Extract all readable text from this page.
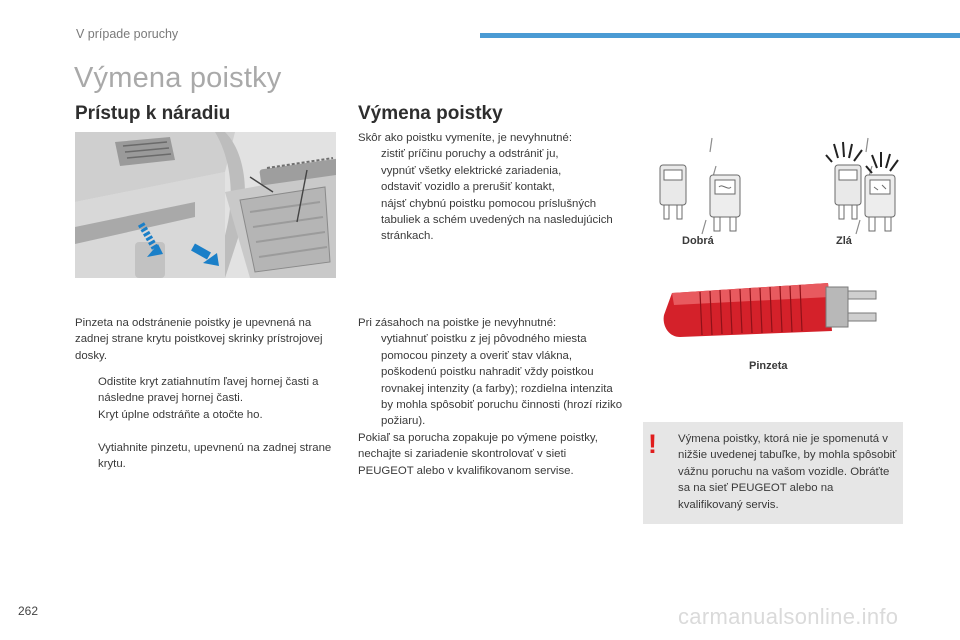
V prípade poruchy
Výmena poistky
Prístup k náradiu	Výmena poistky
Pinzeta na odstránenie poistky je upevnená na zadnej strane krytu poistkovej skrinky prístrojovej dosky.
Odistite kryt zatiahnutím ľavej hornej časti a následne pravej hornej časti.
Kryt úplne odstráňte a otočte ho.
Vytiahnite pinzetu, upevnenú na zadnej strane krytu.
Skôr ako poistku vymeníte, je nevyhnutné:
zistiť príčinu poruchy a odstrániť ju,
vypnúť všetky elektrické zariadenia,
odstaviť vozidlo a prerušiť kontakt,
nájsť chybnú poistku pomocou príslušných tabuliek a schém uvedených na nasledujúcich stránkach.
Pri zásahoch na poistke je nevyhnutné:
vytiahnuť poistku z jej pôvodného miesta pomocou pinzety a overiť stav vlákna,
poškodenú poistku nahradiť vždy poistkou rovnakej intenzity (a farby); rozdielna intenzita by mohla spôsobiť poruchu činnosti (hrozí riziko požiaru).
Pokiaľ sa porucha zopakuje po výmene poistky, nechajte si zariadenie skontrolovať v sieti PEUGEOT alebo v kvalifikovanom servise.
Dobrá	Zlá
Pinzeta
! Výmena poistky, ktorá nie je spomenutá v nižšie uvedenej tabuľke, by mohla spôsobiť vážnu poruchu na vašom vozidle. Obráťte sa na sieť PEUGEOT alebo na kvalifikovaný servis.
262	carmanualsonline.info
